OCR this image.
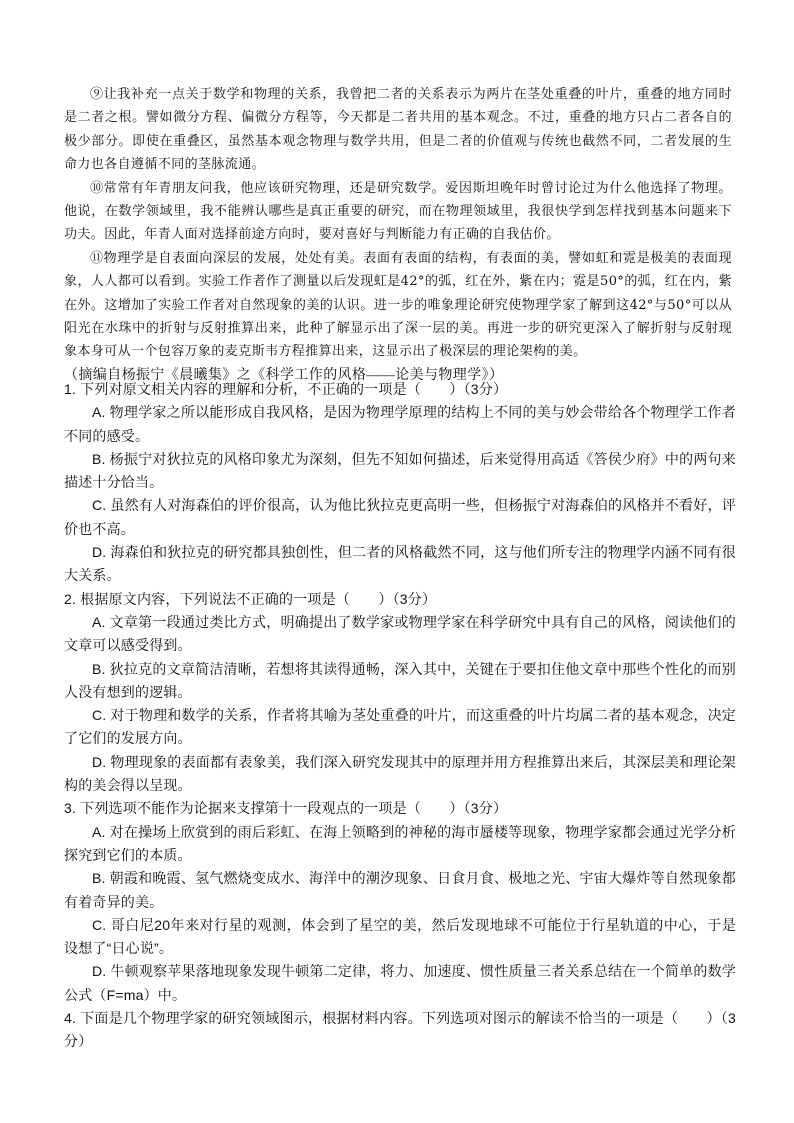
⑨让我补充一点关于数学和物理的关系，我曾把二者的关系表示为两片在茎处重叠的叶片，重叠的地方同时是二者之根。譬如微分方程、偏微分方程等，今天都是二者共用的基本观念。不过，重叠的地方只占二者各自的极少部分。即使在重叠区，虽然基本观念物理与数学共用，但是二者的价值观与传统也截然不同，二者发展的生命力也各自遵循不同的茎脉流通。

⑩常常有年青朋友问我，他应该研究物理，还是研究数学。爱因斯坦晚年时曾讨论过为什么他选择了物理。他说，在数学领域里，我不能辨认哪些是真正重要的研究，而在物理领域里，我很快学到怎样找到基本问题来下功夫。因此，年青人面对选择前途方向时，要对喜好与判断能力有正确的自我估价。

⑪物理学是自表面向深层的发展，处处有美。表面有表面的结构，有表面的美，譬如虹和霓是极美的表面现象，人人都可以看到。实验工作者作了测量以后发现虹是42°的弧，红在外，紫在内；霓是50°的弧，红在内，紫在外。这增加了实验工作者对自然现象的美的认识。进一步的唯象理论研究使物理学家了解到这42°与50°可以从阳光在水珠中的折射与反射推算出来，此种了解显示出了深一层的美。再进一步的研究更深入了解折射与反射现象本身可从一个包容万象的麦克斯韦方程推算出来，这显示出了极深层的理论架构的美。

（摘编自杨振宁《晨曦集》之《科学工作的风格——论美与物理学》）

1. 下列对原文相关内容的理解和分析，不正确的一项是（　　）（3分）

A. 物理学家之所以能形成自我风格，是因为物理学原理的结构上不同的美与妙会带给各个物理学工作者不同的感受。

B. 杨振宁对狄拉克的风格印象尤为深刻，但先不知如何描述，后来觉得用高适《答侯少府》中的两句来描述十分恰当。

C. 虽然有人对海森伯的评价很高，认为他比狄拉克更高明一些，但杨振宁对海森伯的风格并不看好，评价也不高。

D. 海森伯和狄拉克的研究都具独创性，但二者的风格截然不同，这与他们所专注的物理学内涵不同有很大关系。

2. 根据原文内容，下列说法不正确的一项是（　　）（3分）

A. 文章第一段通过类比方式，明确提出了数学家或物理学家在科学研究中具有自己的风格，阅读他们的文章可以感受得到。

B. 狄拉克的文章简洁清晰，若想将其读得通畅，深入其中，关键在于要扣住他文章中那些个性化的而别人没有想到的逻辑。

C. 对于物理和数学的关系，作者将其喻为茎处重叠的叶片，而这重叠的叶片均属二者的基本观念，决定了它们的发展方向。

D. 物理现象的表面都有表象美，我们深入研究发现其中的原理并用方程推算出来后，其深层美和理论架构的美会得以呈现。

3. 下列选项不能作为论据来支撑第十一段观点的一项是（　　）（3分）

A. 对在操场上欣赏到的雨后彩虹、在海上领略到的神秘的海市蜃楼等现象，物理学家都会通过光学分析探究到它们的本质。

B. 朝霞和晚霞、氢气燃烧变成水、海洋中的潮汐现象、日食月食、极地之光、宇宙大爆炸等自然现象都有着奇异的美。

C. 哥白尼20年来对行星的观测，体会到了星空的美，然后发现地球不可能位于行星轨道的中心，于是设想了“日心说”。

D. 牛顿观察苹果落地现象发现牛顿第二定律，将力、加速度、惯性质量三者关系总结在一个简单的数学公式（F=ma）中。

4. 下面是几个物理学家的研究领域图示，根据材料内容。下列选项对图示的解读不恰当的一项是（　　）（3分）
